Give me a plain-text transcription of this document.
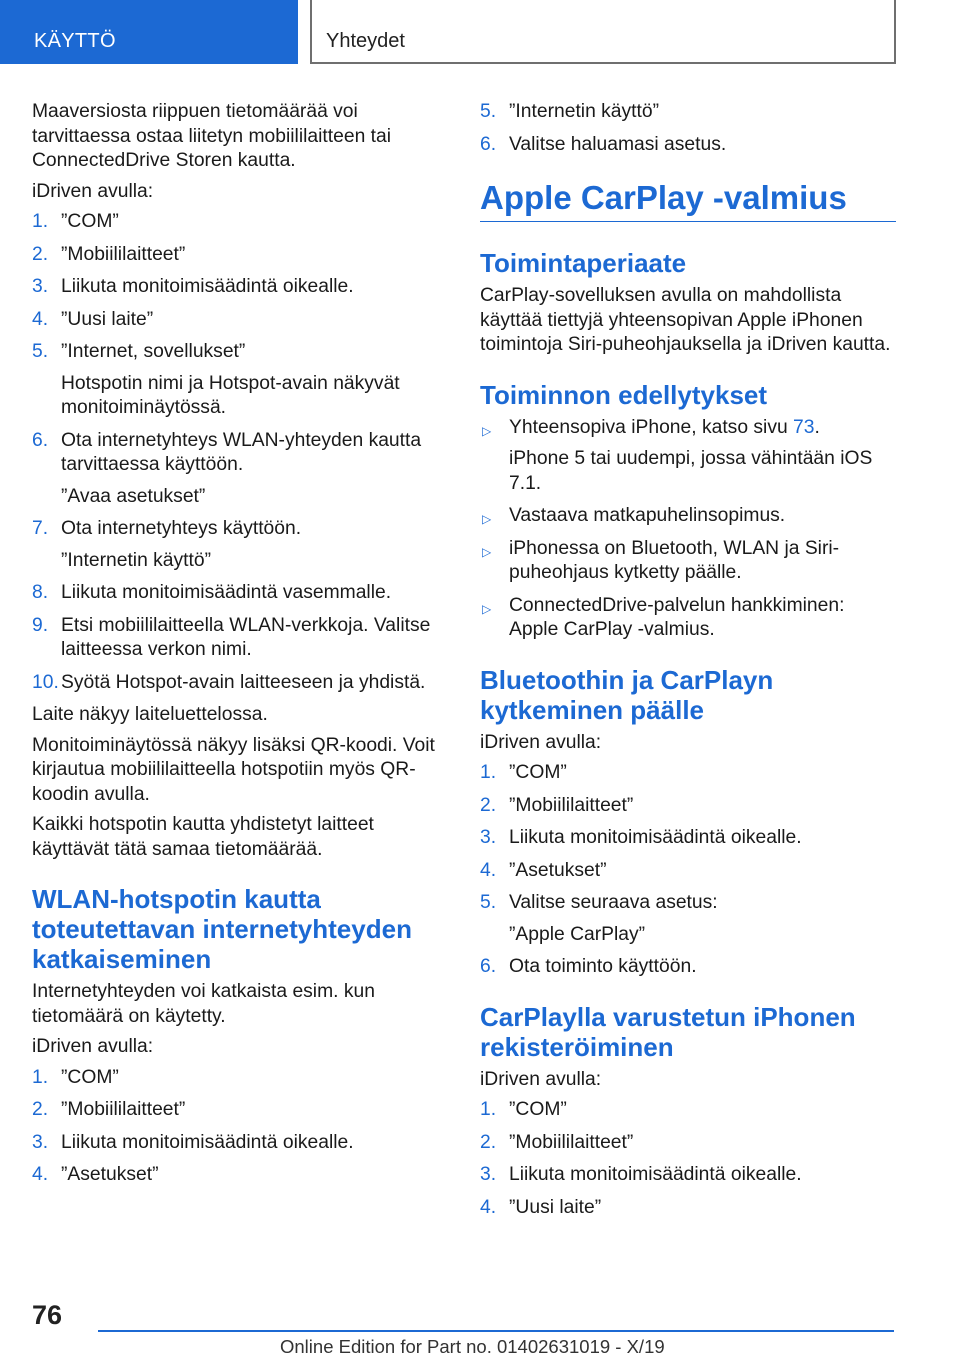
KÄYTTÖ	Yhteydet

Maaversiosta riippuen tietomäärää voi tarvittaessa ostaa liitetyn mobiililaitteen tai ConnectedDrive Storen kautta.

iDriven avulla:

1. ”COM”
2. ”Mobiililaitteet”
3. Liikuta monitoimisäädintä oikealle.
4. ”Uusi laite”
5. ”Internet, sovellukset”
Hotspotin nimi ja Hotspot-avain näkyvät monitoiminäytössä.
6. Ota internetyhteys WLAN-yhteyden kautta tarvittaessa käyttöön.
”Avaa asetukset”
7. Ota internetyhteys käyttöön.
”Internetin käyttö”
8. Liikuta monitoimisäädintä vasemmalle.
9. Etsi mobiililaitteella WLAN-verkkoja. Valitse laitteessa verkon nimi.
10. Syötä Hotspot-avain laitteeseen ja yhdistä.

Laite näkyy laiteluettelossa.

Monitoiminäytössä näkyy lisäksi QR-koodi. Voit kirjautua mobiililaitteella hotspotiin myös QR-koodin avulla.

Kaikki hotspotin kautta yhdistetyt laitteet käyttävät tätä samaa tietomäärää.

WLAN-hotspotin kautta toteutettavan internetyhteyden katkaiseminen

Internetyhteyden voi katkaista esim. kun tietomäärä on käytetty.

iDriven avulla:

1. ”COM”
2. ”Mobiililaitteet”
3. Liikuta monitoimisäädintä oikealle.
4. ”Asetukset”
5. ”Internetin käyttö”
6. Valitse haluamasi asetus.
Apple CarPlay -valmius
Toimintaperiaate

CarPlay-sovelluksen avulla on mahdollista käyttää tiettyjä yhteensopivan Apple iPhonen toimintoja Siri-puheohjauksella ja iDriven kautta.

Toiminnon edellytykset
▷ Yhteensopiva iPhone, katso sivu 73.
iPhone 5 tai uudempi, jossa vähintään iOS 7.1.
▷ Vastaava matkapuhelinsopimus.
▷ iPhonessa on Bluetooth, WLAN ja Siri-puheohjaus kytketty päälle.
▷ ConnectedDrive-palvelun hankkiminen: Apple CarPlay -valmius.
Bluetoothin ja CarPlayn kytkeminen päälle

iDriven avulla:

1. ”COM”
2. ”Mobiililaitteet”
3. Liikuta monitoimisäädintä oikealle.
4. ”Asetukset”
5. Valitse seuraava asetus:
”Apple CarPlay”
6. Ota toiminto käyttöön.
CarPlaylla varustetun iPhonen rekisteröiminen

iDriven avulla:

1. ”COM”
2. ”Mobiililaitteet”
3. Liikuta monitoimisäädintä oikealle.
4. ”Uusi laite”
76
Online Edition for Part no. 01402631019 - X/19
